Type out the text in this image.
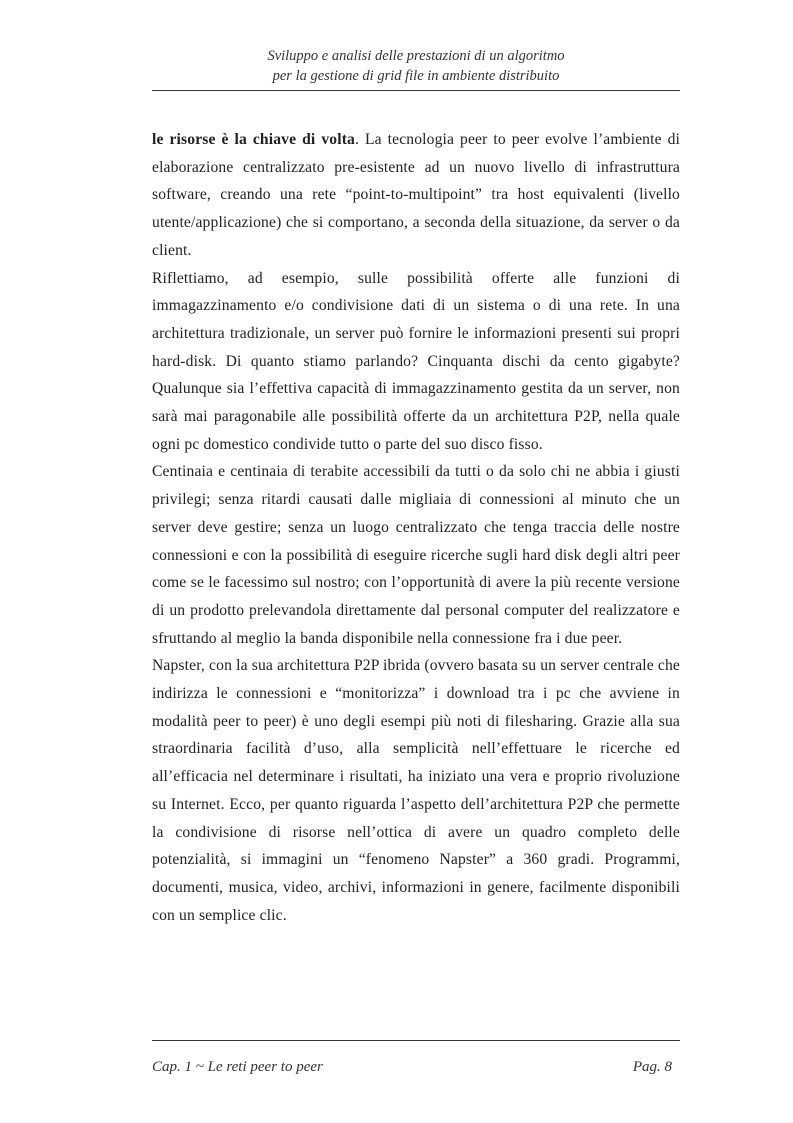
Sviluppo e analisi delle prestazioni di un algoritmo
per la gestione di grid file in ambiente distribuito

le risorse è la chiave di volta. La tecnologia peer to peer evolve l’ambiente di elaborazione centralizzato pre-esistente ad un nuovo livello di infrastruttura software, creando una rete “point-to-multipoint” tra host equivalenti (livello utente/applicazione) che si comportano, a seconda della situazione, da server o da client.

Riflettiamo, ad esempio, sulle possibilità offerte alle funzioni di immagazzinamento e/o condivisione dati di un sistema o di una rete. In una architettura tradizionale, un server può fornire le informazioni presenti sui propri hard-disk. Di quanto stiamo parlando? Cinquanta dischi da cento gigabyte? Qualunque sia l’effettiva capacità di immagazzinamento gestita da un server, non sarà mai paragonabile alle possibilità offerte da un architettura P2P, nella quale ogni pc domestico condivide tutto o parte del suo disco fisso.

Centinaia e centinaia di terabite accessibili da tutti o da solo chi ne abbia i giusti privilegi; senza ritardi causati dalle migliaia di connessioni al minuto che un server deve gestire; senza un luogo centralizzato che tenga traccia delle nostre connessioni e con la possibilità di eseguire ricerche sugli hard disk degli altri peer come se le facessimo sul nostro; con l’opportunità di avere la più recente versione di un prodotto prelevandola direttamente dal personal computer del realizzatore e sfruttando al meglio la banda disponibile nella connessione fra i due peer.

Napster, con la sua architettura P2P ibrida (ovvero basata su un server centrale che indirizza le connessioni e “monitorizza” i download tra i pc che avviene in modalità peer to peer) è uno degli esempi più noti di filesharing. Grazie alla sua straordinaria facilità d’uso, alla semplicità nell’effettuare le ricerche ed all’efficacia nel determinare i risultati, ha iniziato una vera e proprio rivoluzione su Internet. Ecco, per quanto riguarda l’aspetto dell’architettura P2P che permette la condivisione di risorse nell’ottica di avere un quadro completo delle potenzialità, si immagini un “fenomeno Napster” a 360 gradi. Programmi, documenti, musica, video, archivi, informazioni in genere, facilmente disponibili con un semplice clic.

Cap. 1 ~ Le reti peer to peer	Pag. 8
